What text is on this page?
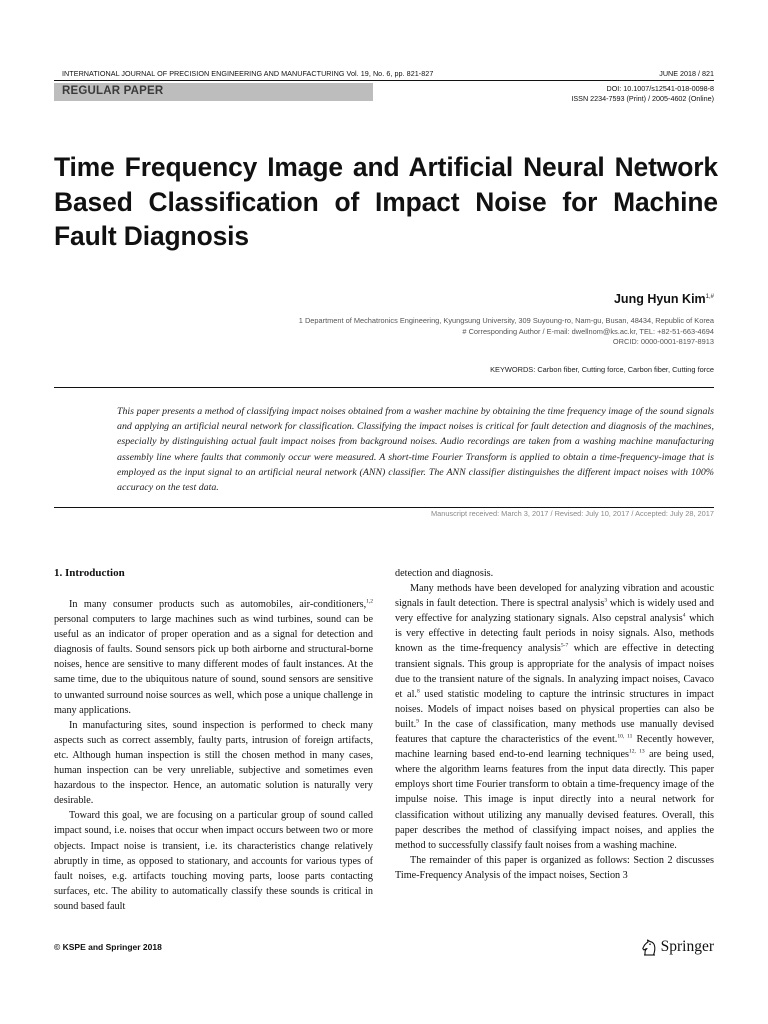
INTERNATIONAL JOURNAL OF PRECISION ENGINEERING AND MANUFACTURING Vol. 19, No. 6, pp. 821-827	JUNE 2018 / 821
REGULAR PAPER	DOI: 10.1007/s12541-018-0098-8
ISSN 2234-7593 (Print) / 2005-4602 (Online)
Time Frequency Image and Artificial Neural Network Based Classification of Impact Noise for Machine Fault Diagnosis
Jung Hyun Kim$^{1,\#}$
1 Department of Mechatronics Engineering, Kyungsung University, 309 Suyoung-ro, Nam-gu, Busan, 48434, Republic of Korea
# Corresponding Author / E-mail: dwellnom@ks.ac.kr, TEL: +82-51-663-4694
ORCID: 0000-0001-8197-8913
KEYWORDS: Carbon fiber, Cutting force, Carbon fiber, Cutting force
This paper presents a method of classifying impact noises obtained from a washer machine by obtaining the time frequency image of the sound signals and applying an artificial neural network for classification. Classifying the impact noises is critical for fault detection and diagnosis of the machines, especially by distinguishing actual fault impact noises from background noises. Audio recordings are taken from a washing machine manufacturing assembly line where faults that commonly occur were measured. A short-time Fourier Transform is applied to obtain a time-frequency-image that is employed as the input signal to an artificial neural network (ANN) classifier. The ANN classifier distinguishes the different impact noises with 100% accuracy on the test data.
Manuscript received: March 3, 2017 / Revised: July 10, 2017 / Accepted: July 28, 2017
1. Introduction

In many consumer products such as automobiles, air-conditioners,$^{1,2}$ personal computers to large machines such as wind turbines, sound can be useful as an indicator of proper operation and as a signal for detection and diagnosis of faults. Sound sensors pick up both airborne and structural-borne noises, hence are sensitive to many different modes of fault instances. At the same time, due to the ubiquitous nature of sound, sound sensors are sensitive to unwanted surround noise sources as well, which pose a unique challenge in many applications.

In manufacturing sites, sound inspection is performed to check many aspects such as correct assembly, faulty parts, intrusion of foreign artifacts, etc. Although human inspection is still the chosen method in many cases, human inspection can be very unreliable, subjective and sometimes even hazardous to the inspector. Hence, an automatic solution is naturally very desirable.

Toward this goal, we are focusing on a particular group of sound called impact sound, i.e. noises that occur when impact occurs between two or more objects. Impact noise is transient, i.e. its characteristics change relatively abruptly in time, as opposed to stationary, and accounts for various types of fault noises, e.g. artifacts touching moving parts, loose parts contacting surfaces, etc. The ability to automatically classify these sounds is critical in sound based fault

detection and diagnosis.

Many methods have been developed for analyzing vibration and acoustic signals in fault detection. There is spectral analysis$^3$ which is widely used and very effective for analyzing stationary signals. Also cepstral analysis$^4$ which is very effective in detecting fault periods in noisy signals. Also, methods known as the time-frequency analysis$^{5-7}$ which are effective in detecting transient signals. This group is appropriate for the analysis of impact noises due to the transient nature of the signals. In analyzing impact noises, Cavaco et al.$^8$ used statistic modeling to capture the intrinsic structures in impact noises. Models of impact noises based on physical properties can also be built.$^9$ In the case of classification, many methods use manually devised features that capture the characteristics of the event.$^{10, 11}$ Recently however, machine learning based end-to-end learning techniques$^{12, 13}$ are being used, where the algorithm learns features from the input data directly. This paper employs short time Fourier transform to obtain a time-frequency image of the impulse noise. This image is input directly into a neural network for classification without utilizing any manually devised features. Overall, this paper describes the method of classifying impact noises, and applies the method to successfully classify fault noises from a washing machine.

The remainder of this paper is organized as follows: Section 2 discusses Time-Frequency Analysis of the impact noises, Section 3

© KSPE and Springer 2018	Springer
